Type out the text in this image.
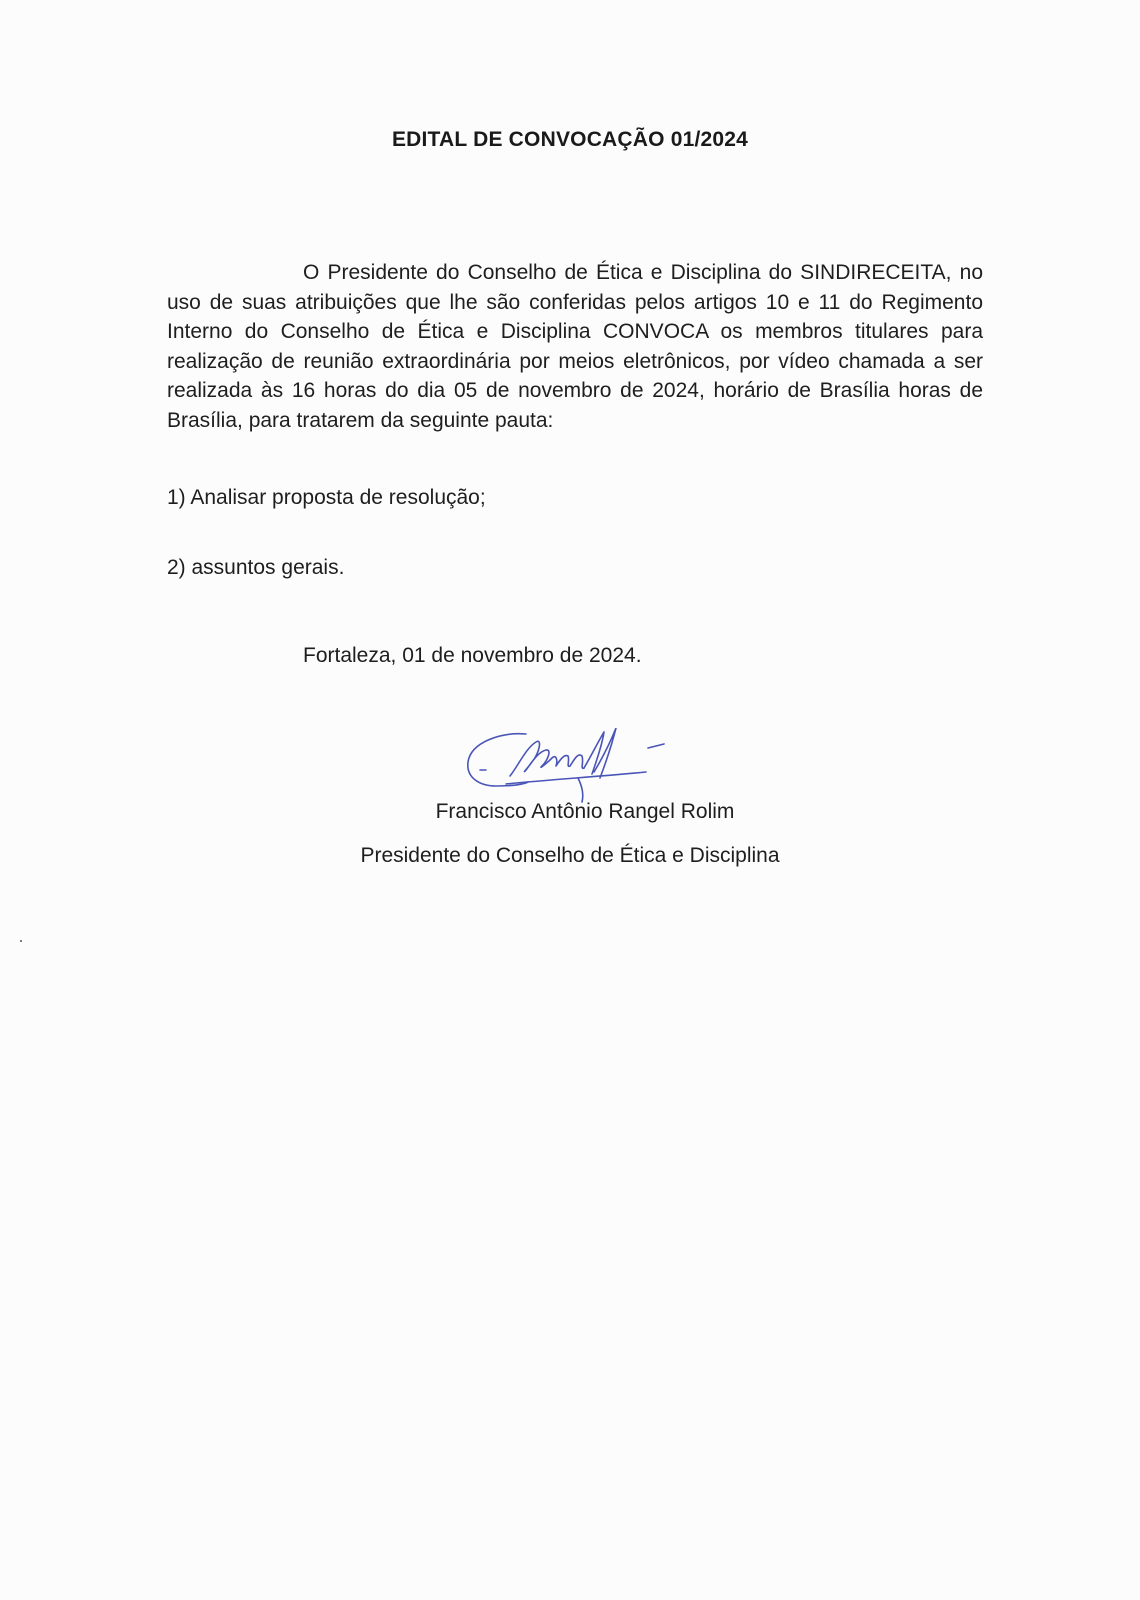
EDITAL DE CONVOCAÇÃO 01/2024
O Presidente do Conselho de Ética e Disciplina do SINDIRECEITA, no uso de suas atribuições que lhe são conferidas pelos artigos 10 e 11 do Regimento Interno do Conselho de Ética e Disciplina CONVOCA os membros titulares para realização de reunião extraordinária por meios eletrônicos, por vídeo chamada a ser realizada às 16 horas do dia 05 de novembro de 2024, horário de Brasília horas de Brasília, para tratarem da seguinte pauta:
1) Analisar proposta de resolução;
2) assuntos gerais.
Fortaleza, 01 de novembro de 2024.
Francisco Antônio Rangel Rolim
Presidente do Conselho de Ética e Disciplina
